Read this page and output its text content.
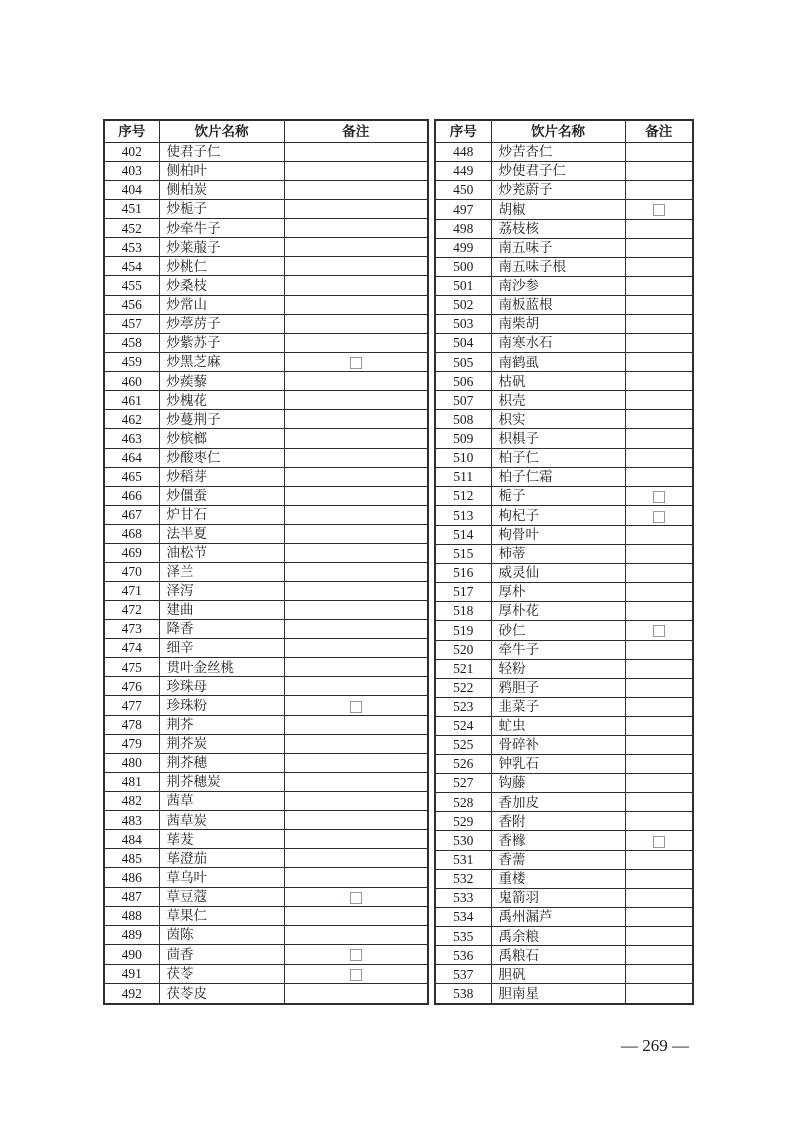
序号	饮片名称	备注
402	使君子仁	
403	侧柏叶	
404	侧柏炭	
451	炒栀子	
452	炒牵牛子	
453	炒莱菔子	
454	炒桃仁	
455	炒桑枝	
456	炒常山	
457	炒葶苈子	
458	炒紫苏子	
459	炒黑芝麻	
460	炒蒺藜	
461	炒槐花	
462	炒蔓荆子	
463	炒槟榔	
464	炒酸枣仁	
465	炒稻芽	
466	炒僵蚕	
467	炉甘石	
468	法半夏	
469	油松节	
470	泽兰	
471	泽泻	
472	建曲	
473	降香	
474	细辛	
475	贯叶金丝桃	
476	珍珠母	
477	珍珠粉	
478	荆芥	
479	荆芥炭	
480	荆芥穗	
481	荆芥穗炭	
482	茜草	
483	茜草炭	
484	荜茇	
485	荜澄茄	
486	草乌叶	
487	草豆蔻	
488	草果仁	
489	茵陈	
490	茴香	
491	茯苓	
492	茯苓皮	
序号	饮片名称	备注
448	炒苦杏仁	
449	炒使君子仁	
450	炒茺蔚子	
497	胡椒	
498	荔枝核	
499	南五味子	
500	南五味子根	
501	南沙参	
502	南板蓝根	
503	南柴胡	
504	南寒水石	
505	南鹤虱	
506	枯矾	
507	枳壳	
508	枳实	
509	枳椇子	
510	柏子仁	
511	柏子仁霜	
512	栀子	
513	枸杞子	
514	枸骨叶	
515	柿蒂	
516	威灵仙	
517	厚朴	
518	厚朴花	
519	砂仁	
520	牵牛子	
521	轻粉	
522	鸦胆子	
523	韭菜子	
524	虻虫	
525	骨碎补	
526	钟乳石	
527	钩藤	
528	香加皮	
529	香附	
530	香橼	
531	香薷	
532	重楼	
533	鬼箭羽	
534	禹州漏芦	
535	禹余粮	
536	禹粮石	
537	胆矾	
538	胆南星	
— 269 —
